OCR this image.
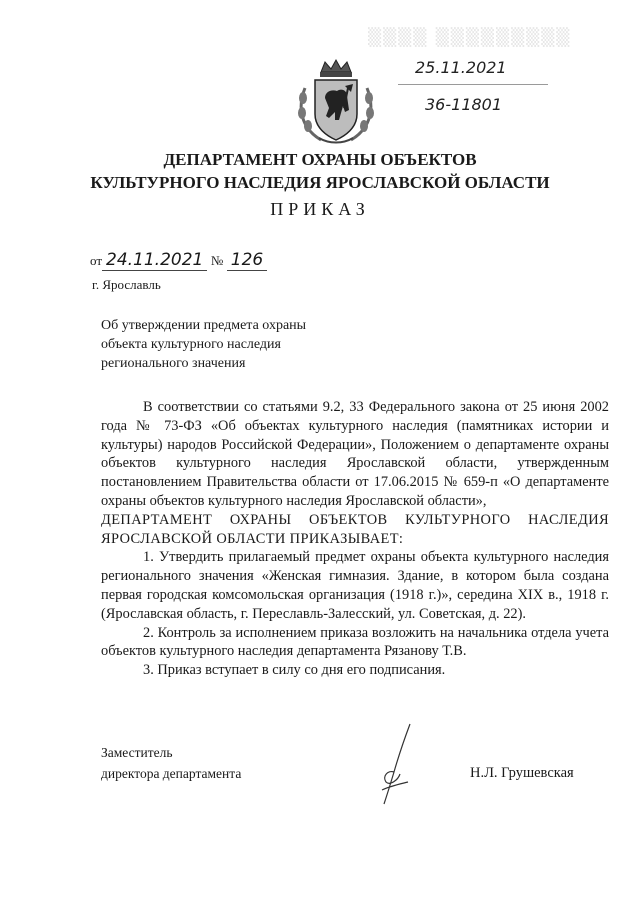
▒▒▒▒ ▒▒▒▒▒▒▒▒▒
25.11.2021
36-11801
ДЕПАРТАМЕНТ ОХРАНЫ ОБЪЕКТОВ
КУЛЬТУРНОГО НАСЛЕДИЯ ЯРОСЛАВСКОЙ ОБЛАСТИ
ПРИКАЗ
от 24.11.2021 № 126
г. Ярославль
Об утверждении предмета охраны
объекта культурного наследия
регионального значения

В соответствии со статьями 9.2, 33 Федерального закона от 25 июня 2002 года № 73-ФЗ «Об объектах культурного наследия (памятниках истории и культуры) народов Российской Федерации», Положением о департаменте охраны объектов культурного наследия Ярославской области, утвержденным постановлением Правительства области от 17.06.2015 № 659-п «О департаменте охраны объектов культурного наследия Ярославской области»,

ДЕПАРТАМЕНТ ОХРАНЫ ОБЪЕКТОВ КУЛЬТУРНОГО НАСЛЕДИЯ ЯРОСЛАВСКОЙ ОБЛАСТИ ПРИКАЗЫВАЕТ:

1. Утвердить прилагаемый предмет охраны объекта культурного наследия регионального значения «Женская гимназия. Здание, в котором была создана первая городская комсомольская организация (1918 г.)», середина XIX в., 1918 г. (Ярославская область, г. Переславль-Залесский, ул. Советская, д. 22).

2. Контроль за исполнением приказа возложить на начальника отдела учета объектов культурного наследия департамента Рязанову Т.В.

3. Приказ вступает в силу со дня его подписания.

Заместитель
директора департамента	Н.Л. Грушевская
